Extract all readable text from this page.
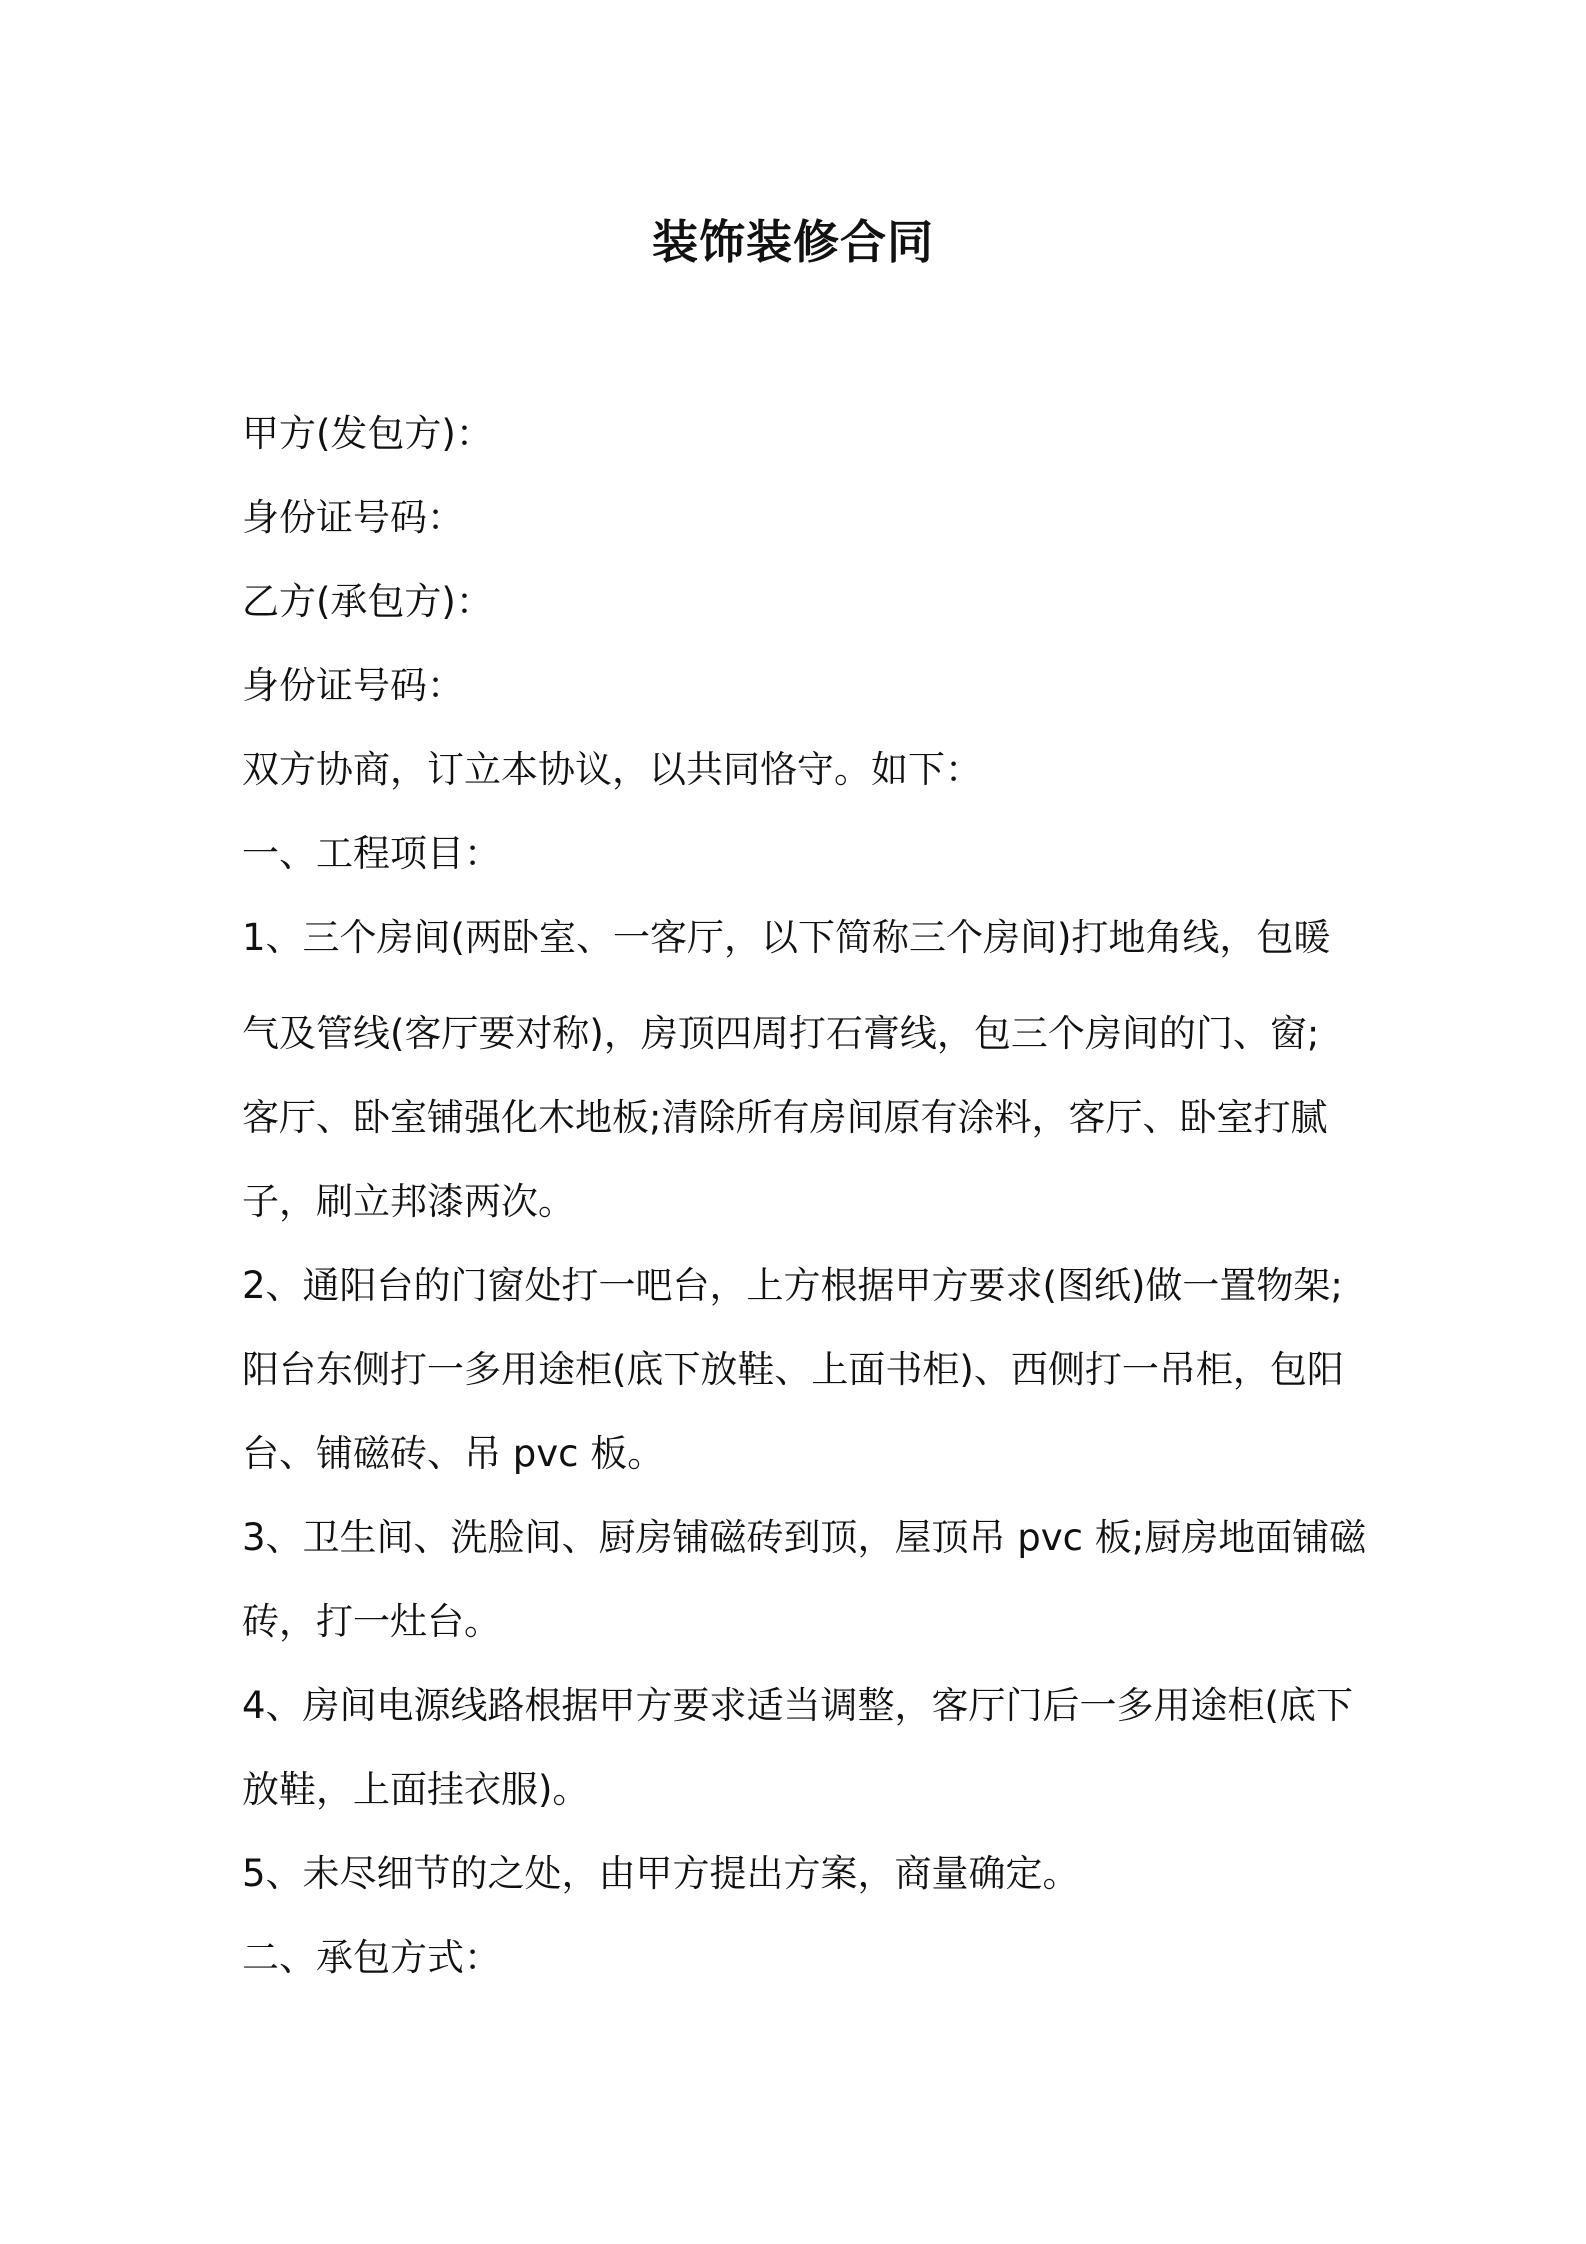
装饰装修合同
甲方(发包方)：
身份证号码：
乙方(承包方)：
身份证号码：
双方协商，订立本协议，以共同恪守。如下：
一、工程项目：
1、三个房间(两卧室、一客厅，以下简称三个房间)打地角线，包暖
气及管线(客厅要对称)，房顶四周打石膏线，包三个房间的门、窗;
客厅、卧室铺强化木地板;清除所有房间原有涂料，客厅、卧室打腻
子，刷立邦漆两次。
2、通阳台的门窗处打一吧台，上方根据甲方要求(图纸)做一置物架;
阳台东侧打一多用途柜(底下放鞋、上面书柜)、西侧打一吊柜，包阳
台、铺磁砖、吊 pvc 板。
3、卫生间、洗脸间、厨房铺磁砖到顶，屋顶吊 pvc 板;厨房地面铺磁
砖，打一灶台。
4、房间电源线路根据甲方要求适当调整，客厅门后一多用途柜(底下
放鞋，上面挂衣服)。
5、未尽细节的之处，由甲方提出方案，商量确定。
二、承包方式：
